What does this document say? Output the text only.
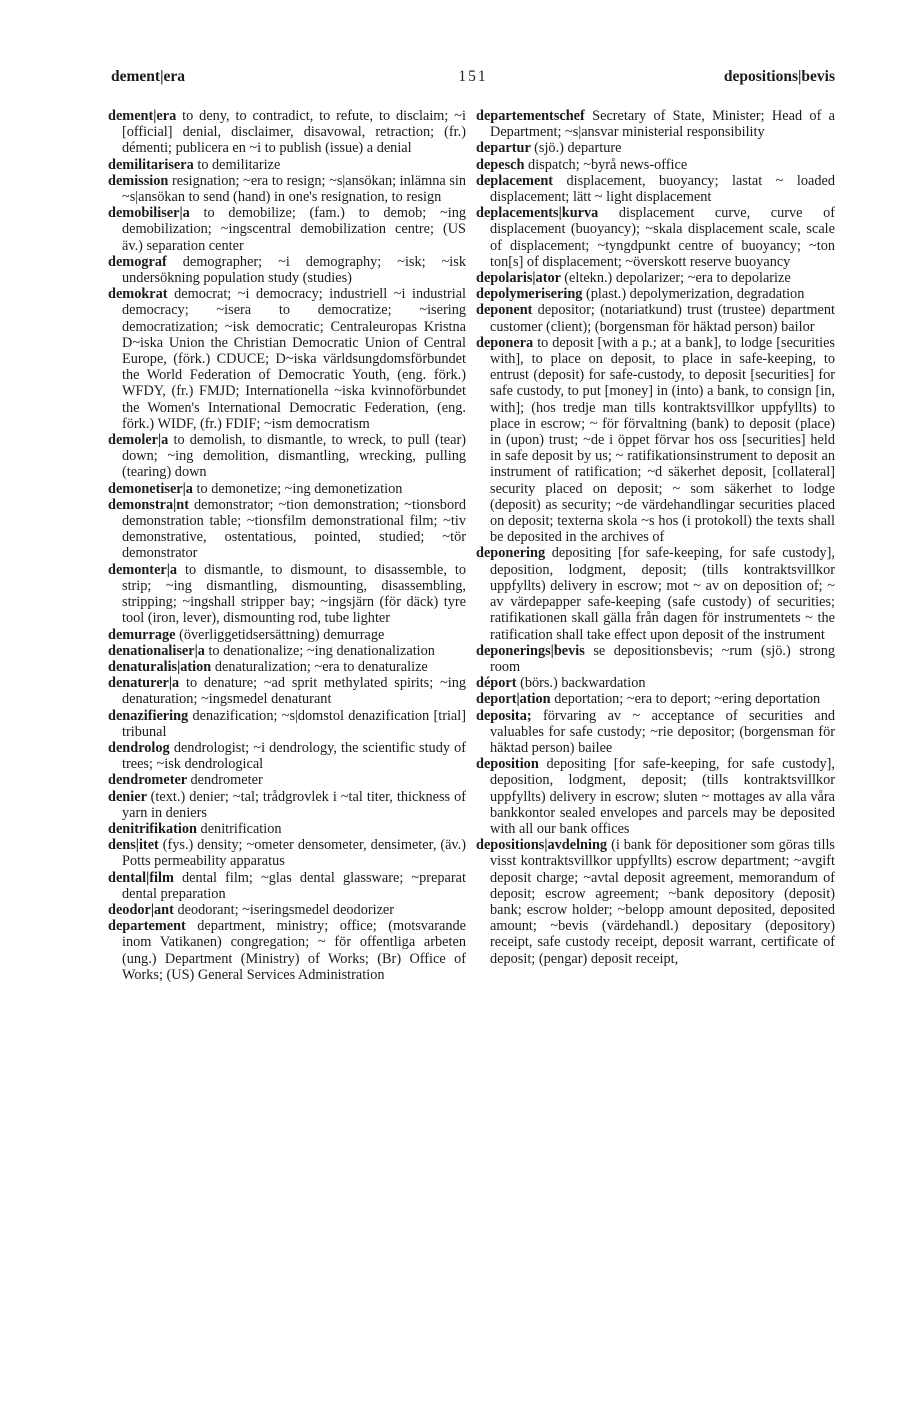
dement|era	151	depositions|bevis

dement|era to deny, to contradict, to refute, to disclaim; ~i [official] denial, disclaimer, disavowal, retraction; (fr.) démenti; publicera en ~i to publish (issue) a denial

demilitarisera to demilitarize

demission resignation; ~era to resign; ~s|ansökan; inlämna sin ~s|ansökan to send (hand) in one's resignation, to resign

demobiliser|a to demobilize; (fam.) to demob; ~ing demobilization; ~ingscentral demobilization centre; (US äv.) separation center

demograf demographer; ~i demography; ~isk; ~isk undersökning population study (studies)

demokrat democrat; ~i democracy; industriell ~i industrial democracy; ~isera to democratize; ~isering democratization; ~isk democratic; Centraleuropas Kristna D~iska Union the Christian Democratic Union of Central Europe, (förk.) CDUCE; D~iska världsungdomsförbundet the World Federation of Democratic Youth, (eng. förk.) WFDY, (fr.) FMJD; Internationella ~iska kvinnoförbundet the Women's International Democratic Federation, (eng. förk.) WIDF, (fr.) FDIF; ~ism democratism

demoler|a to demolish, to dismantle, to wreck, to pull (tear) down; ~ing demolition, dismantling, wrecking, pulling (tearing) down

demonetiser|a to demonetize; ~ing demonetization

demonstra|nt demonstrator; ~tion demonstration; ~tionsbord demonstration table; ~tionsfilm demonstrational film; ~tiv demonstrative, ostentatious, pointed, studied; ~tör demonstrator

demonter|a to dismantle, to dismount, to disassemble, to strip; ~ing dismantling, dismounting, disassembling, stripping; ~ingshall stripper bay; ~ingsjärn (för däck) tyre tool (iron, lever), dismounting rod, tube lighter

demurrage (överliggetidsersättning) demurrage

denationaliser|a to denationalize; ~ing denationalization

denaturalis|ation denaturalization; ~era to denaturalize

denaturer|a to denature; ~ad sprit methylated spirits; ~ing denaturation; ~ingsmedel denaturant

denazifiering denazification; ~s|domstol denazification [trial] tribunal

dendrolog dendrologist; ~i dendrology, the scientific study of trees; ~isk dendrological

dendrometer dendrometer

denier (text.) denier; ~tal; trådgrovlek i ~tal titer, thickness of yarn in deniers

denitrifikation denitrification

dens|itet (fys.) density; ~ometer densometer, densimeter, (äv.) Potts permeability apparatus

dental|film dental film; ~glas dental glassware; ~preparat dental preparation

deodor|ant deodorant; ~iseringsmedel deodorizer

departement department, ministry; office; (motsvarande inom Vatikanen) congregation; ~ för offentliga arbeten (ung.) Department (Ministry) of Works; (Br) Office of Works; (US) General Services Administration

departementschef Secretary of State, Minister; Head of a Department; ~s|ansvar ministerial responsibility

departur (sjö.) departure

depesch dispatch; ~byrå news-office

deplacement displacement, buoyancy; lastat ~ loaded displacement; lätt ~ light displacement

deplacements|kurva displacement curve, curve of displacement (buoyancy); ~skala displacement scale, scale of displacement; ~tyngdpunkt centre of buoyancy; ~ton ton[s] of displacement; ~överskott reserve buoyancy

depolaris|ator (eltekn.) depolarizer; ~era to depolarize

depolymerisering (plast.) depolymerization, degradation

deponent depositor; (notariatkund) trust (trustee) department customer (client); (borgensman för häktad person) bailor

deponera to deposit [with a p.; at a bank], to lodge [securities with], to place on deposit, to place in safe-keeping, to entrust (deposit) for safe-custody, to deposit [securities] for safe custody, to put [money] in (into) a bank, to consign [in, with]; (hos tredje man tills kontraktsvillkor uppfyllts) to place in escrow; ~ för förvaltning (bank) to deposit (place) in (upon) trust; ~de i öppet förvar hos oss [securities] held in safe deposit by us; ~ ratifikationsinstrument to deposit an instrument of ratification; ~d säkerhet deposit, [collateral] security placed on deposit; ~ som säkerhet to lodge (deposit) as security; ~de värdehandlingar securities placed on deposit; texterna skola ~s hos (i protokoll) the texts shall be deposited in the archives of

deponering depositing [for safe-keeping, for safe custody], deposition, lodgment, deposit; (tills kontraktsvillkor uppfyllts) delivery in escrow; mot ~ av on deposition of; ~ av värdepapper safe-keeping (safe custody) of securities; ratifikationen skall gälla från dagen för instrumentets ~ the ratification shall take effect upon deposit of the instrument

deponerings|bevis se depositionsbevis; ~rum (sjö.) strong room

déport (börs.) backwardation

deport|ation deportation; ~era to deport; ~ering deportation

deposita; förvaring av ~ acceptance of securities and valuables for safe custody; ~rie depositor; (borgensman för häktad person) bailee

deposition depositing [for safe-keeping, for safe custody], deposition, lodgment, deposit; (tills kontraktsvillkor uppfyllts) delivery in escrow; sluten ~ mottages av alla våra bankkontor sealed envelopes and parcels may be deposited with all our bank offices

depositions|avdelning (i bank för depositioner som göras tills visst kontraktsvillkor uppfyllts) escrow department; ~avgift deposit charge; ~avtal deposit agreement, memorandum of deposit; escrow agreement; ~bank depository (deposit) bank; escrow holder; ~belopp amount deposited, deposited amount; ~bevis (värdehandl.) depositary (depository) receipt, safe custody receipt, deposit warrant, certificate of deposit; (pengar) deposit receipt,
